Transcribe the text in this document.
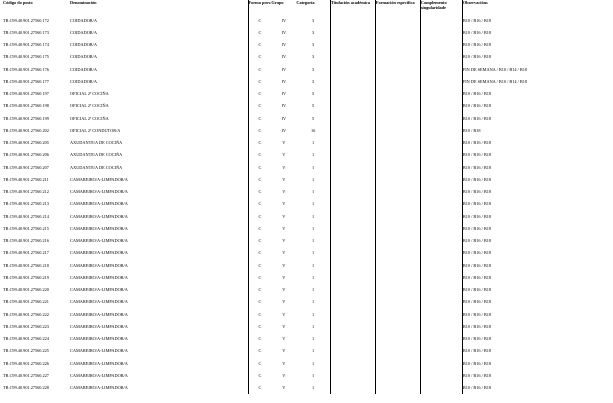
Código do posto	Denominación	Forma prov.	Grupo	Categoría	Titulación académica	Formación específica	Complemento singularidade	Observacións
TR.C99.40.901.27560.172	COIDADOR/A	C	IV	3				B10 / B16 / B18
TR.C99.40.901.27560.173	COIDADOR/A	C	IV	3				B10 / B16 / B18
TR.C99.40.901.27560.174	COIDADOR/A	C	IV	3				B10 / B16 / B18
TR.C99.40.901.27560.175	COIDADOR/A	C	IV	3				B10 / B16 / B18
TR.C99.40.901.27560.176	COIDADOR/A	C	IV	3				FIN DE SEMANA / B10 / B14 / B18
TR.C99.40.901.27560.177	COIDADOR/A	C	IV	3				FIN DE SEMANA / B10 / B14 / B18
TR.C99.40.901.27560.197	OFICIAL 2ª COCIÑA	C	IV	5				B10 / B16 / B18
TR.C99.40.901.27560.198	OFICIAL 2ª COCIÑA	C	IV	5				B10 / B16 / B18
TR.C99.40.901.27560.199	OFICIAL 2ª COCIÑA	C	IV	5				B10 / B16 / B18
TR.C99.40.901.27560.202	OFICIAL 2ª CONDUTOR/A	C	IV	16				B10 / B18
TR.C99.40.901.27560.205	AXUDANTE/A DE COCIÑA	C	V	1				B10 / B16 / B18
TR.C99.40.901.27560.206	AXUDANTE/A DE COCIÑA	C	V	1				B10 / B16 / B18
TR.C99.40.901.27560.207	AXUDANTE/A DE COCIÑA	C	V	1				B10 / B16 / B18
TR.C99.40.901.27560.211	CAMAREIRO/A-LIMPADOR/A	C	V	1				B10 / B16 / B18
TR.C99.40.901.27560.212	CAMAREIRO/A-LIMPADOR/A	C	V	1				B10 / B16 / B18
TR.C99.40.901.27560.213	CAMAREIRO/A-LIMPADOR/A	C	V	1				B10 / B16 / B18
TR.C99.40.901.27560.214	CAMAREIRO/A-LIMPADOR/A	C	V	1				B10 / B16 / B18
TR.C99.40.901.27560.215	CAMAREIRO/A-LIMPADOR/A	C	V	1				B10 / B16 / B18
TR.C99.40.901.27560.216	CAMAREIRO/A-LIMPADOR/A	C	V	1				B10 / B16 / B18
TR.C99.40.901.27560.217	CAMAREIRO/A-LIMPADOR/A	C	V	1				B10 / B16 / B18
TR.C99.40.901.27560.218	CAMAREIRO/A-LIMPADOR/A	C	V	1				B10 / B16 / B18
TR.C99.40.901.27560.219	CAMAREIRO/A-LIMPADOR/A	C	V	1				B10 / B16 / B18
TR.C99.40.901.27560.220	CAMAREIRO/A-LIMPADOR/A	C	V	1				B10 / B16 / B18
TR.C99.40.901.27560.221	CAMAREIRO/A-LIMPADOR/A	C	V	1				B10 / B16 / B18
TR.C99.40.901.27560.222	CAMAREIRO/A-LIMPADOR/A	C	V	1				B10 / B16 / B18
TR.C99.40.901.27560.223	CAMAREIRO/A-LIMPADOR/A	C	V	1				B10 / B16 / B18
TR.C99.40.901.27560.224	CAMAREIRO/A-LIMPADOR/A	C	V	1				B10 / B16 / B18
TR.C99.40.901.27560.225	CAMAREIRO/A-LIMPADOR/A	C	V	1				B10 / B16 / B18
TR.C99.40.901.27560.226	CAMAREIRO/A-LIMPADOR/A	C	V	1				B10 / B16 / B18
TR.C99.40.901.27560.227	CAMAREIRO/A-LIMPADOR/A	C	V	1				B10 / B16 / B18
TR.C99.40.901.27560.228	CAMAREIRO/A-LIMPADOR/A	C	V	1				B10 / B16 / B18
